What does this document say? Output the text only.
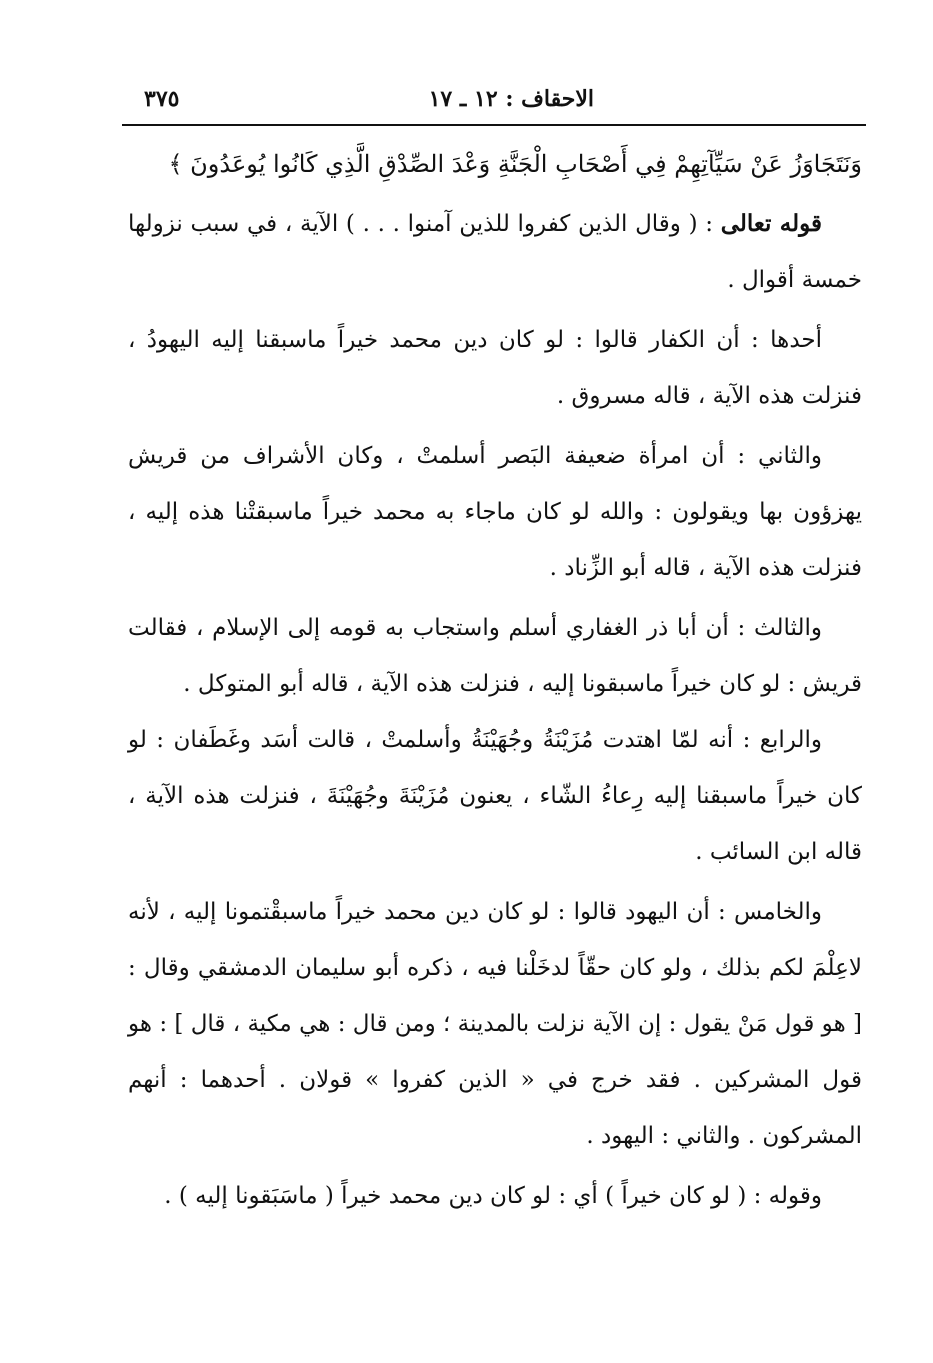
الاحقاف : ١٢ ـ ١٧
٣٧٥

وَنَتَجَاوَزُ عَنْ سَيِّآتِهِمْ فِي أَصْحَابِ الْجَنَّةِ وَعْدَ الصِّدْقِ الَّذِي كَانُوا يُوعَدُونَ ﴾

قوله تعالى : ( وقال الذين كفروا للذين آمنوا . . . ) الآية ، في سبب نزولها خمسة أقوال .

أحدها : أن الكفار قالوا : لو كان دين محمد خيراً ماسبقنا إليه اليهودُ ، فنزلت هذه الآية ، قاله مسروق .

والثاني : أن امرأة ضعيفة البَصر أسلمتْ ، وكان الأشراف من قريش يهزؤون بها ويقولون : والله لو كان ماجاء به محمد خيراً ماسبقتْنا هذه إليه ، فنزلت هذه الآية ، قاله أبو الزِّناد .

والثالث : أن أبا ذر الغفاري أسلم واستجاب به قومه إلى الإسلام ، فقالت قريش : لو كان خيراً ماسبقونا إليه ، فنزلت هذه الآية ، قاله أبو المتوكل .

والرابع : أنه لمّا اهتدت مُزَيْنَةُ وجُهَيْنَةُ وأسلمتْ ، قالت أسَد وغَطَفان : لو كان خيراً ماسبقنا إليه رِعاءُ الشّاء ، يعنون مُزَيْنَةَ وجُهَيْنَةَ ، فنزلت هذه الآية ، قاله ابن السائب .

والخامس : أن اليهود قالوا : لو كان دين محمد خيراً ماسبقْتمونا إليه ، لأنه لاعِلْمَ لكم بذلك ، ولو كان حقّاً لدخَلْنا فيه ، ذكره أبو سليمان الدمشقي وقال : [ هو قول مَنْ يقول : إن الآية نزلت بالمدينة ؛ ومن قال : هي مكية ، قال ] : هو قول المشركين . فقد خرج في « الذين كفروا » قولان . أحدهما : أنهم المشركون . والثاني : اليهود .

وقوله : ( لو كان خيراً ) أي : لو كان دين محمد خيراً ( ماسَبَقونا إليه ) .
